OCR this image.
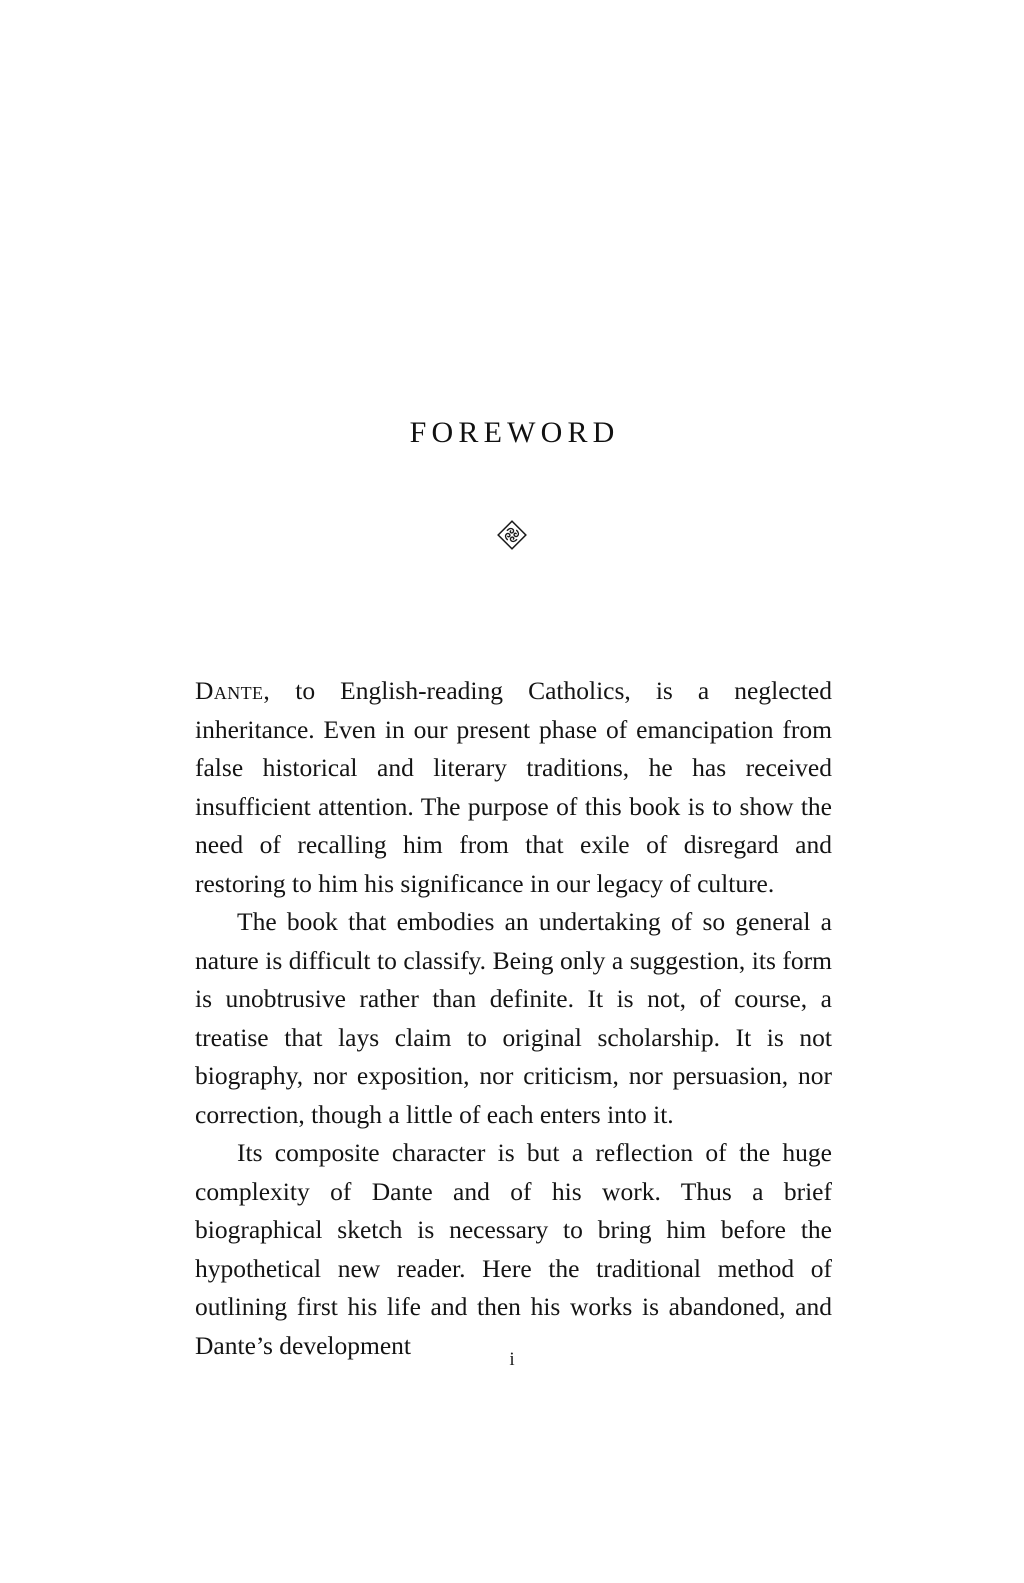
FOREWORD

Dante, to English-reading Catholics, is a neglected inheritance. Even in our present phase of emancipation from false historical and literary traditions, he has received insufficient attention. The purpose of this book is to show the need of recalling him from that exile of disregard and restoring to him his significance in our legacy of culture.

The book that embodies an undertaking of so general a nature is difficult to classify. Being only a suggestion, its form is unobtrusive rather than definite. It is not, of course, a treatise that lays claim to original scholarship. It is not biography, nor exposition, nor criticism, nor persuasion, nor correction, though a little of each enters into it.

Its composite character is but a reflection of the huge complexity of Dante and of his work. Thus a brief biographical sketch is necessary to bring him before the hypothetical new reader. Here the traditional method of outlining first his life and then his works is abandoned, and Dante’s development	i
